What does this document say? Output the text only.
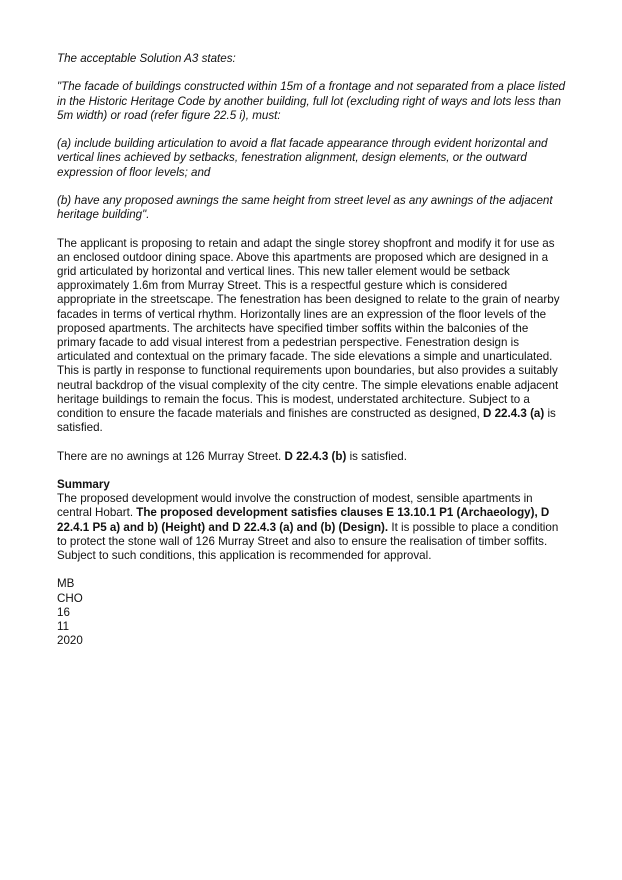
The acceptable Solution A3 states:

"The facade of buildings constructed within 15m of a frontage and not separated from a place listed in the Historic Heritage Code by another building, full lot (excluding right of ways and lots less than 5m width) or road (refer figure 22.5 i), must:

(a) include building articulation to avoid a flat facade appearance through evident horizontal and vertical lines achieved by setbacks, fenestration alignment, design elements, or the outward expression of floor levels; and

(b) have any proposed awnings the same height from street level as any awnings of the adjacent heritage building".

The applicant is proposing to retain and adapt the single storey shopfront and modify it for use as an enclosed outdoor dining space. Above this apartments are proposed which are designed in a grid articulated by horizontal and vertical lines. This new taller element would be setback approximately 1.6m from Murray Street. This is a respectful gesture which is considered appropriate in the streetscape. The fenestration has been designed to relate to the grain of nearby facades in terms of vertical rhythm. Horizontally lines are an expression of the floor levels of the proposed apartments. The architects have specified timber soffits within the balconies of the primary facade to add visual interest from a pedestrian perspective. Fenestration design is articulated and contextual on the primary facade. The side elevations a simple and unarticulated. This is partly in response to functional requirements upon boundaries, but also provides a suitably neutral backdrop of the visual complexity of the city centre. The simple elevations enable adjacent heritage buildings to remain the focus. This is modest, understated architecture. Subject to a condition to ensure the facade materials and finishes are constructed as designed, D 22.4.3 (a) is satisfied.

There are no awnings at 126 Murray Street. D 22.4.3 (b) is satisfied.

Summary

The proposed development would involve the construction of modest, sensible apartments in central Hobart. The proposed development satisfies clauses E 13.10.1 P1 (Archaeology), D 22.4.1 P5 a) and b) (Height) and D 22.4.3 (a) and (b) (Design). It is possible to place a condition to protect the stone wall of 126 Murray Street and also to ensure the realisation of timber soffits. Subject to such conditions, this application is recommended for approval.

MB

CHO

16

11

2020
